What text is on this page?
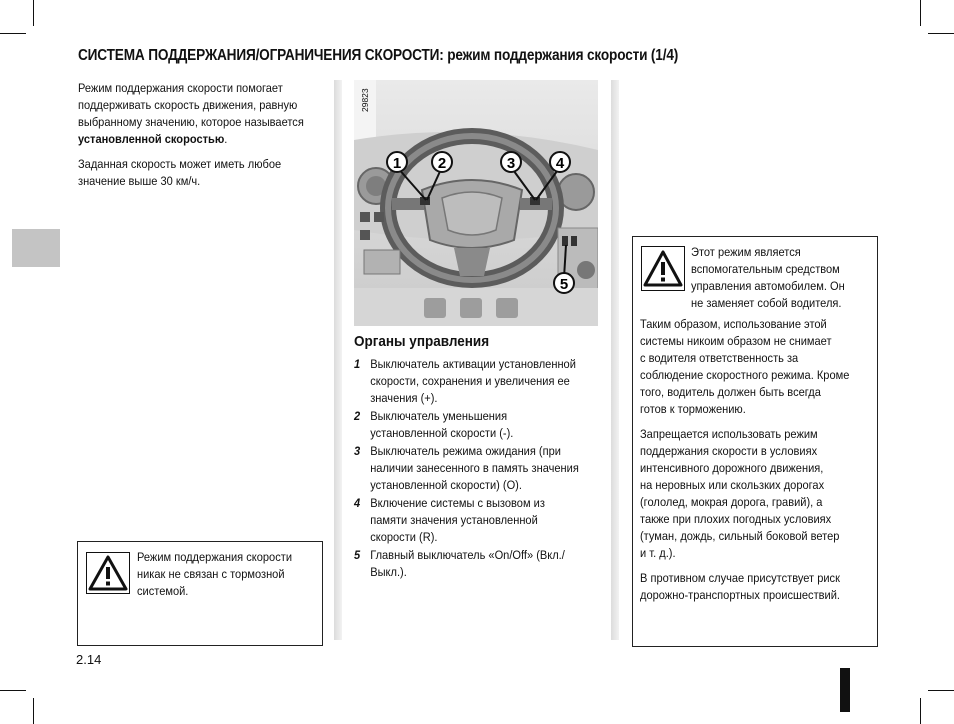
СИСТЕМА ПОДДЕРЖАНИЯ/ОГРАНИЧЕНИЯ СКОРОСТИ: режим поддержания скорости (1/4)
Режим поддержания скорости помогает
поддерживать скорость движения, равную
выбранному значению, которое называется
установленной скоростью.
Заданная скорость может иметь любое
значение выше 30 км/ч.
Режим поддержания скорости
никак не связан с тормозной
системой.
1 2	3	4
5
29823
Органы управления
1 Выключатель активации установленной
скорости, сохранения и увеличения ее
значения (+).
2 Выключатель уменьшения
установленной скорости (-).
3 Выключатель режима ожидания (при
наличии занесенного в память значения
установленной скорости) (O).
4 Включение системы с вызовом из
памяти значения установленной
скорости (R).
5 Главный выключатель «On/Off» (Вкл./
Выкл.).
Этот режим является
вспомогательным средством
управления автомобилем. Он
не заменяет собой водителя.
Таким образом, использование этой
системы никоим образом не снимает
с водителя ответственность за
соблюдение скоростного режима. Кроме
того, водитель должен быть всегда
готов к торможению.
Запрещается использовать режим
поддержания скорости в условиях
интенсивного дорожного движения,
на неровных или скользких дорогах
(гололед, мокрая дорога, гравий), а
также при плохих погодных условиях
(туман, дождь, сильный боковой ветер
и т. д.).
В противном случае присутствует риск
дорожно-транспортных происшествий.
2.14
